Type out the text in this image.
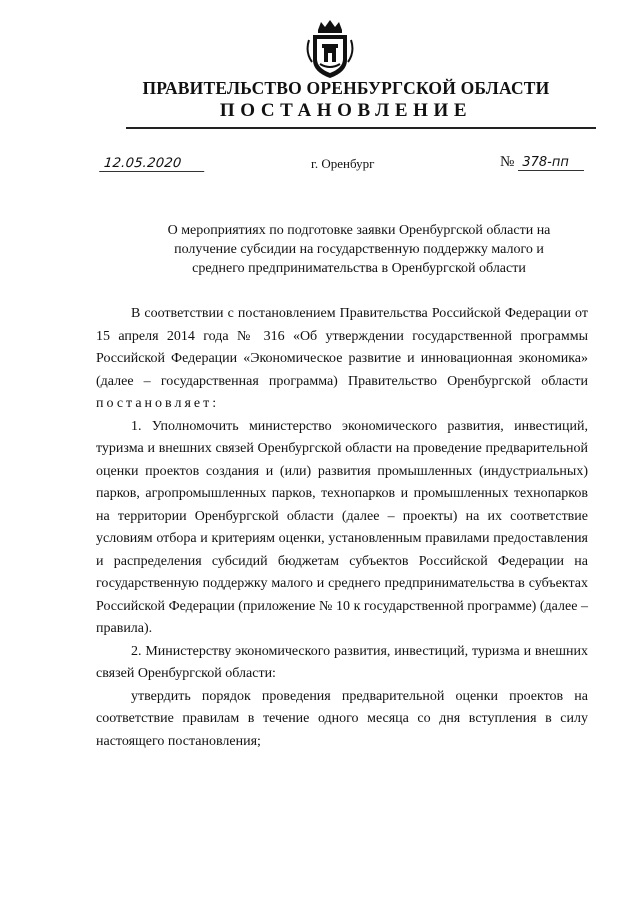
ПРАВИТЕЛЬСТВО ОРЕНБУРГСКОЙ ОБЛАСТИ
ПОСТАНОВЛЕНИЕ
12.05.2020	г. Оренбург	№ 378-пп
О мероприятиях по подготовке заявки Оренбургской области на
получение субсидии на государственную поддержку малого и
среднего предпринимательства в Оренбургской области

В соответствии с постановлением Правительства Российской Федерации от 15 апреля 2014 года № 316 «Об утверждении государственной программы Российской Федерации «Экономическое развитие и инновационная экономика» (далее – государственная программа) Правительство Оренбургской области постановляет:

1. Уполномочить министерство экономического развития, инвестиций, туризма и внешних связей Оренбургской области на проведение предварительной оценки проектов создания и (или) развития промышленных (индустриальных) парков, агропромышленных парков, технопарков и промышленных технопарков на территории Оренбургской области (далее – проекты) на их соответствие условиям отбора и критериям оценки, установленным правилами предоставления и распределения субсидий бюджетам субъектов Российской Федерации на государственную поддержку малого и среднего предпринимательства в субъектах Российской Федерации (приложение № 10 к государственной программе) (далее – правила).

2. Министерству экономического развития, инвестиций, туризма и внешних связей Оренбургской области:

утвердить порядок проведения предварительной оценки проектов на соответствие правилам в течение одного месяца со дня вступления в силу настоящего постановления;
